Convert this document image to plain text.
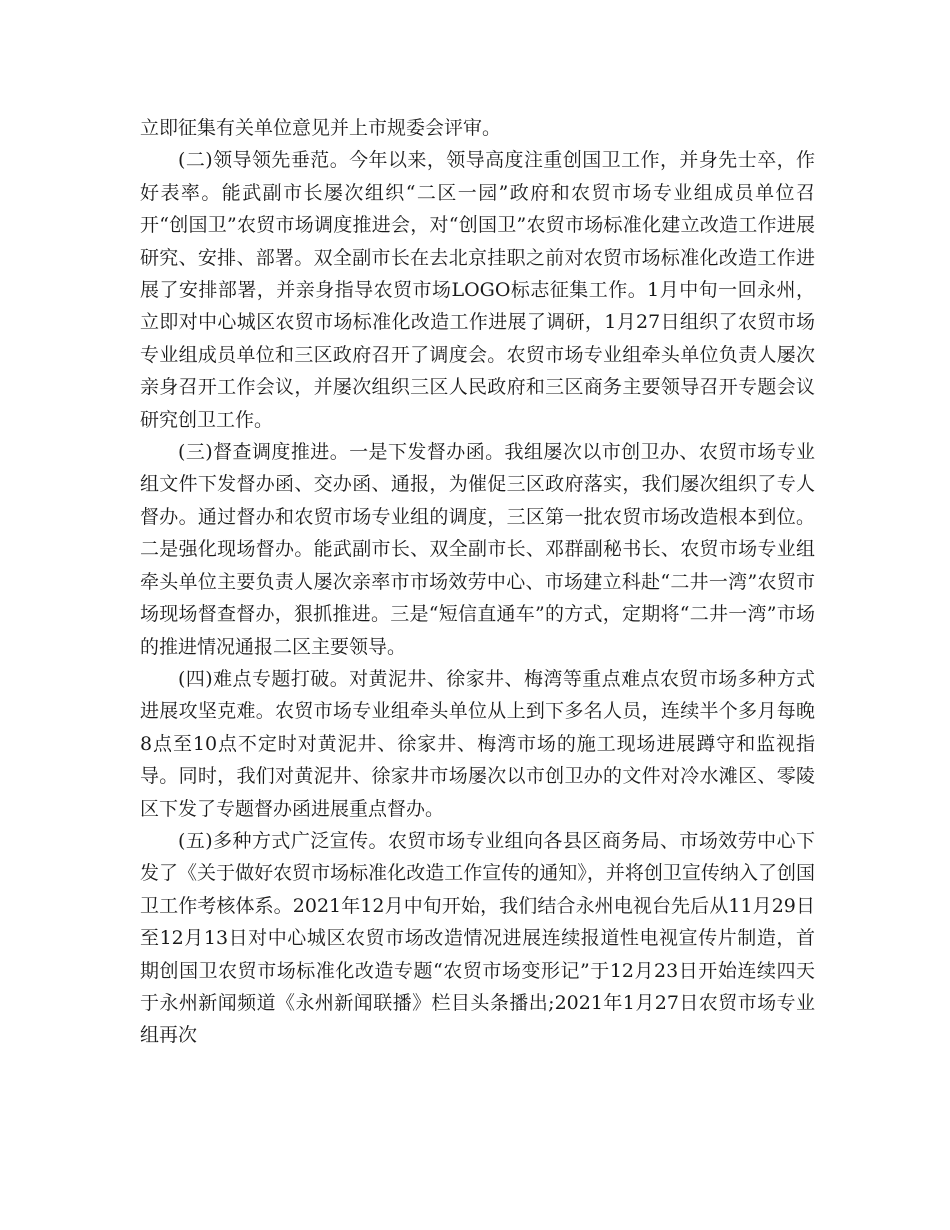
立即征集有关单位意见并上市规委会评审。

(二)领导领先垂范。今年以来，领导高度注重创国卫工作，并身先士卒，作好表率。能武副市长屡次组织“二区一园”政府和农贸市场专业组成员单位召开“创国卫”农贸市场调度推进会，对“创国卫”农贸市场标准化建立改造工作进展研究、安排、部署。双全副市长在去北京挂职之前对农贸市场标准化改造工作进展了安排部署，并亲身指导农贸市场LOGO标志征集工作。1月中旬一回永州，立即对中心城区农贸市场标准化改造工作进展了调研，1月27日组织了农贸市场专业组成员单位和三区政府召开了调度会。农贸市场专业组牵头单位负责人屡次亲身召开工作会议，并屡次组织三区人民政府和三区商务主要领导召开专题会议研究创卫工作。

(三)督查调度推进。一是下发督办函。我组屡次以市创卫办、农贸市场专业组文件下发督办函、交办函、通报，为催促三区政府落实，我们屡次组织了专人督办。通过督办和农贸市场专业组的调度，三区第一批农贸市场改造根本到位。二是强化现场督办。能武副市长、双全副市长、邓群副秘书长、农贸市场专业组牵头单位主要负责人屡次亲率市市场效劳中心、市场建立科赴“二井一湾”农贸市场现场督查督办，狠抓推进。三是“短信直通车”的方式，定期将“二井一湾”市场的推进情况通报二区主要领导。

(四)难点专题打破。对黄泥井、徐家井、梅湾等重点难点农贸市场多种方式进展攻坚克难。农贸市场专业组牵头单位从上到下多名人员，连续半个多月每晚8点至10点不定时对黄泥井、徐家井、梅湾市场的施工现场进展蹲守和监视指导。同时，我们对黄泥井、徐家井市场屡次以市创卫办的文件对冷水滩区、零陵区下发了专题督办函进展重点督办。

(五)多种方式广泛宣传。农贸市场专业组向各县区商务局、市场效劳中心下发了《关于做好农贸市场标准化改造工作宣传的通知》，并将创卫宣传纳入了创国卫工作考核体系。2021年12月中旬开始，我们结合永州电视台先后从11月29日至12月13日对中心城区农贸市场改造情况进展连续报道性电视宣传片制造，首期创国卫农贸市场标准化改造专题“农贸市场变形记”于12月23日开始连续四天于永州新闻频道《永州新闻联播》栏目头条播出;2021年1月27日农贸市场专业组再次
